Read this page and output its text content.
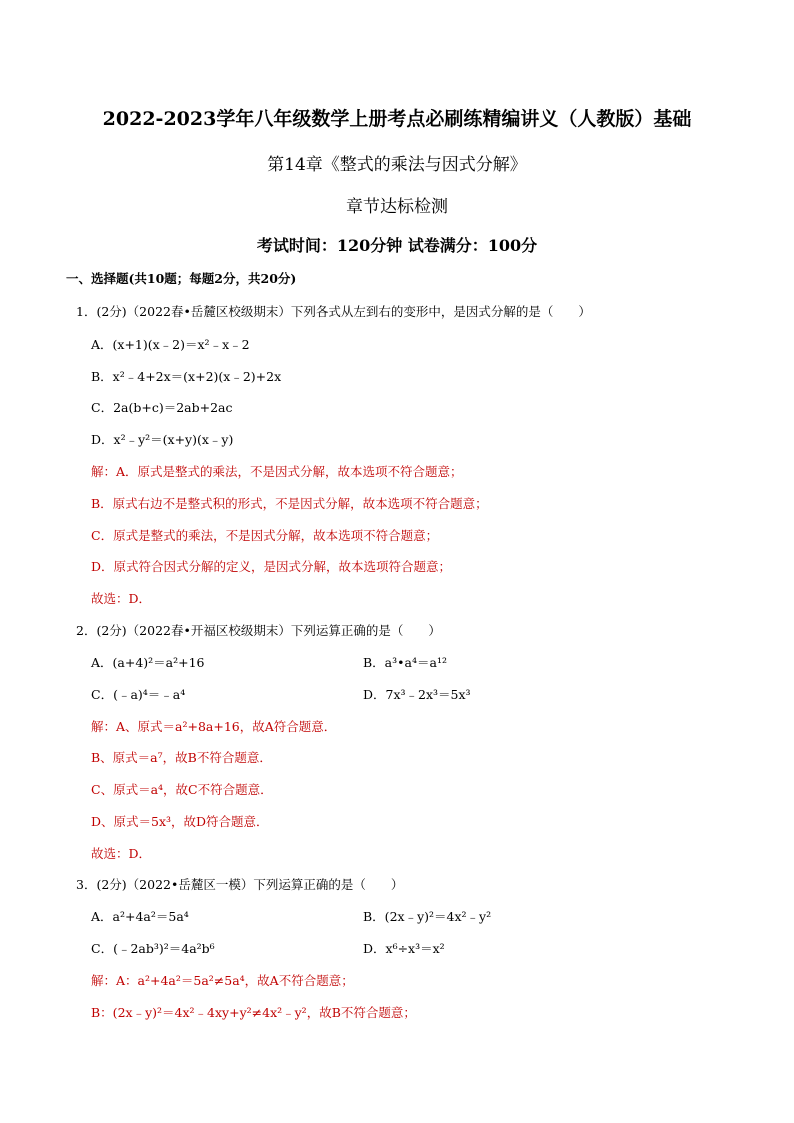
2022-2023学年八年级数学上册考点必刷练精编讲义（人教版）基础
第14章《整式的乘法与因式分解》
章节达标检测
考试时间：120分钟 试卷满分：100分
一、选择题(共10题；每题2分，共20分)
1．(2分)（2022春•岳麓区校级期末）下列各式从左到右的变形中，是因式分解的是（　　）
A．(x+1)(x﹣2)＝x²﹣x﹣2
B．x²﹣4+2x＝(x+2)(x﹣2)+2x
C．2a(b+c)＝2ab+2ac
D．x²﹣y²＝(x+y)(x﹣y)
解：A．原式是整式的乘法，不是因式分解，故本选项不符合题意；
B．原式右边不是整式积的形式，不是因式分解，故本选项不符合题意；
C．原式是整式的乘法，不是因式分解，故本选项不符合题意；
D．原式符合因式分解的定义，是因式分解，故本选项符合题意；
故选：D．
2．(2分)（2022春•开福区校级期末）下列运算正确的是（　　）
A．(a+4)²＝a²+16	B．a³•a⁴＝a¹²
C．(﹣a)⁴＝﹣a⁴	D．7x³﹣2x³＝5x³
解：A、原式＝a²+8a+16，故A符合题意．
B、原式＝a⁷，故B不符合题意．
C、原式＝a⁴，故C不符合题意．
D、原式＝5x³，故D符合题意．
故选：D．
3．(2分)（2022•岳麓区一模）下列运算正确的是（　　）
A．a²+4a²＝5a⁴	B．(2x﹣y)²＝4x²﹣y²
C．(﹣2ab³)²＝4a²b⁶	D．x⁶÷x³＝x²
解：A：a²+4a²＝5a²≠5a⁴，故A不符合题意；
B：(2x﹣y)²＝4x²﹣4xy+y²≠4x²﹣y²，故B不符合题意；
